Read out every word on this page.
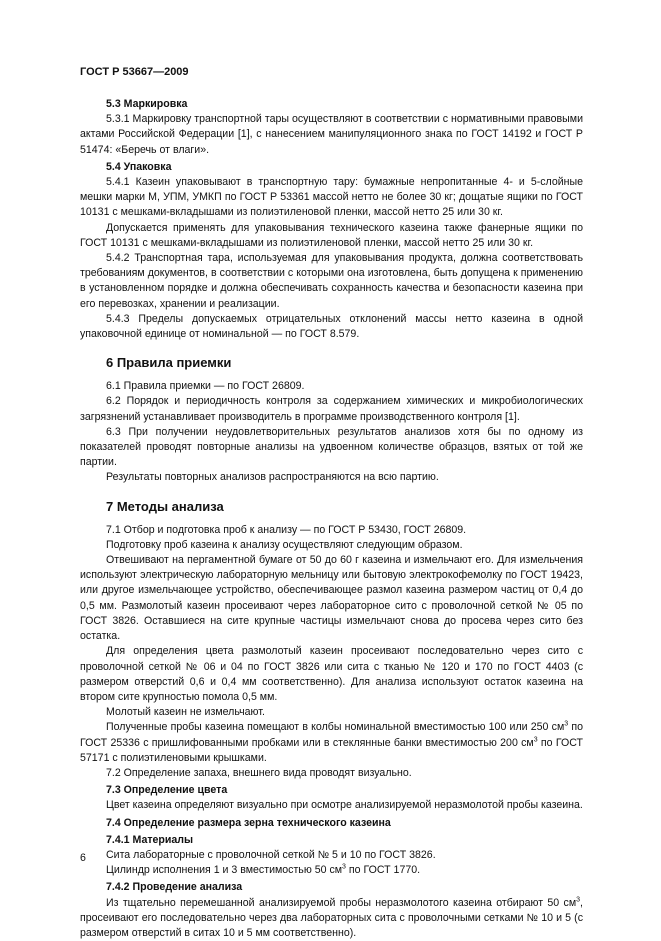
ГОСТ Р 53667—2009

5.3 Маркировка

5.3.1 Маркировку транспортной тары осуществляют в соответствии с нормативными правовыми актами Российской Федерации [1], с нанесением манипуляционного знака по ГОСТ 14192 и ГОСТ Р 51474: «Беречь от влаги».

5.4 Упаковка

5.4.1 Казеин упаковывают в транспортную тару: бумажные непропитанные 4- и 5-слойные мешки марки М, УПМ, УМКП по ГОСТ Р 53361 массой нетто не более 30 кг; дощатые ящики по ГОСТ 10131 с мешками-вкладышами из полиэтиленовой пленки, массой нетто 25 или 30 кг.

Допускается применять для упаковывания технического казеина также фанерные ящики по ГОСТ 10131 с мешками-вкладышами из полиэтиленовой пленки, массой нетто 25 или 30 кг.

5.4.2 Транспортная тара, используемая для упаковывания продукта, должна соответствовать требованиям документов, в соответствии с которыми она изготовлена, быть допущена к применению в установленном порядке и должна обеспечивать сохранность качества и безопасности казеина при его перевозках, хранении и реализации.

5.4.3 Пределы допускаемых отрицательных отклонений массы нетто казеина в одной упаковочной единице от номинальной — по ГОСТ 8.579.

6 Правила приемки

6.1 Правила приемки — по ГОСТ 26809.

6.2 Порядок и периодичность контроля за содержанием химических и микробиологических загрязнений устанавливает производитель в программе производственного контроля [1].

6.3 При получении неудовлетворительных результатов анализов хотя бы по одному из показателей проводят повторные анализы на удвоенном количестве образцов, взятых от той же партии.

Результаты повторных анализов распространяются на всю партию.

7 Методы анализа

7.1 Отбор и подготовка проб к анализу — по ГОСТ Р 53430, ГОСТ 26809.

Подготовку проб казеина к анализу осуществляют следующим образом.

Отвешивают на пергаментной бумаге от 50 до 60 г казеина и измельчают его. Для измельчения используют электрическую лабораторную мельницу или бытовую электрокофемолку по ГОСТ 19423, или другое измельчающее устройство, обеспечивающее размол казеина размером частиц от 0,4 до 0,5 мм. Размолотый казеин просеивают через лабораторное сито с проволочной сеткой № 05 по ГОСТ 3826. Оставшиеся на сите крупные частицы измельчают снова до просева через сито без остатка.

Для определения цвета размолотый казеин просеивают последовательно через сито с проволочной сеткой № 06 и 04 по ГОСТ 3826 или сита с тканью № 120 и 170 по ГОСТ 4403 (с размером отверстий 0,6 и 0,4 мм соответственно). Для анализа используют остаток казеина на втором сите крупностью помола 0,5 мм.

Молотый казеин не измельчают.

Полученные пробы казеина помещают в колбы номинальной вместимостью 100 или 250 $см^3$ по ГОСТ 25336 с пришлифованными пробками или в стеклянные банки вместимостью 200 $см^3$ по ГОСТ 57171 с полиэтиленовыми крышками.

7.2 Определение запаха, внешнего вида проводят визуально.

7.3 Определение цвета

Цвет казеина определяют визуально при осмотре анализируемой неразмолотой пробы казеина.

7.4 Определение размера зерна технического казеина

7.4.1 Материалы

Сита лабораторные с проволочной сеткой № 5 и 10 по ГОСТ 3826.

Цилиндр исполнения 1 и 3 вместимостью 50 $см^3$ по ГОСТ 1770.

7.4.2 Проведение анализа

Из тщательно перемешанной анализируемой пробы неразмолотого казеина отбирают 50 $см^3$, просеивают его последовательно через два лабораторных сита с проволочными сетками № 10 и 5 (с размером отверстий в ситах 10 и 5 мм соответственно).

6
